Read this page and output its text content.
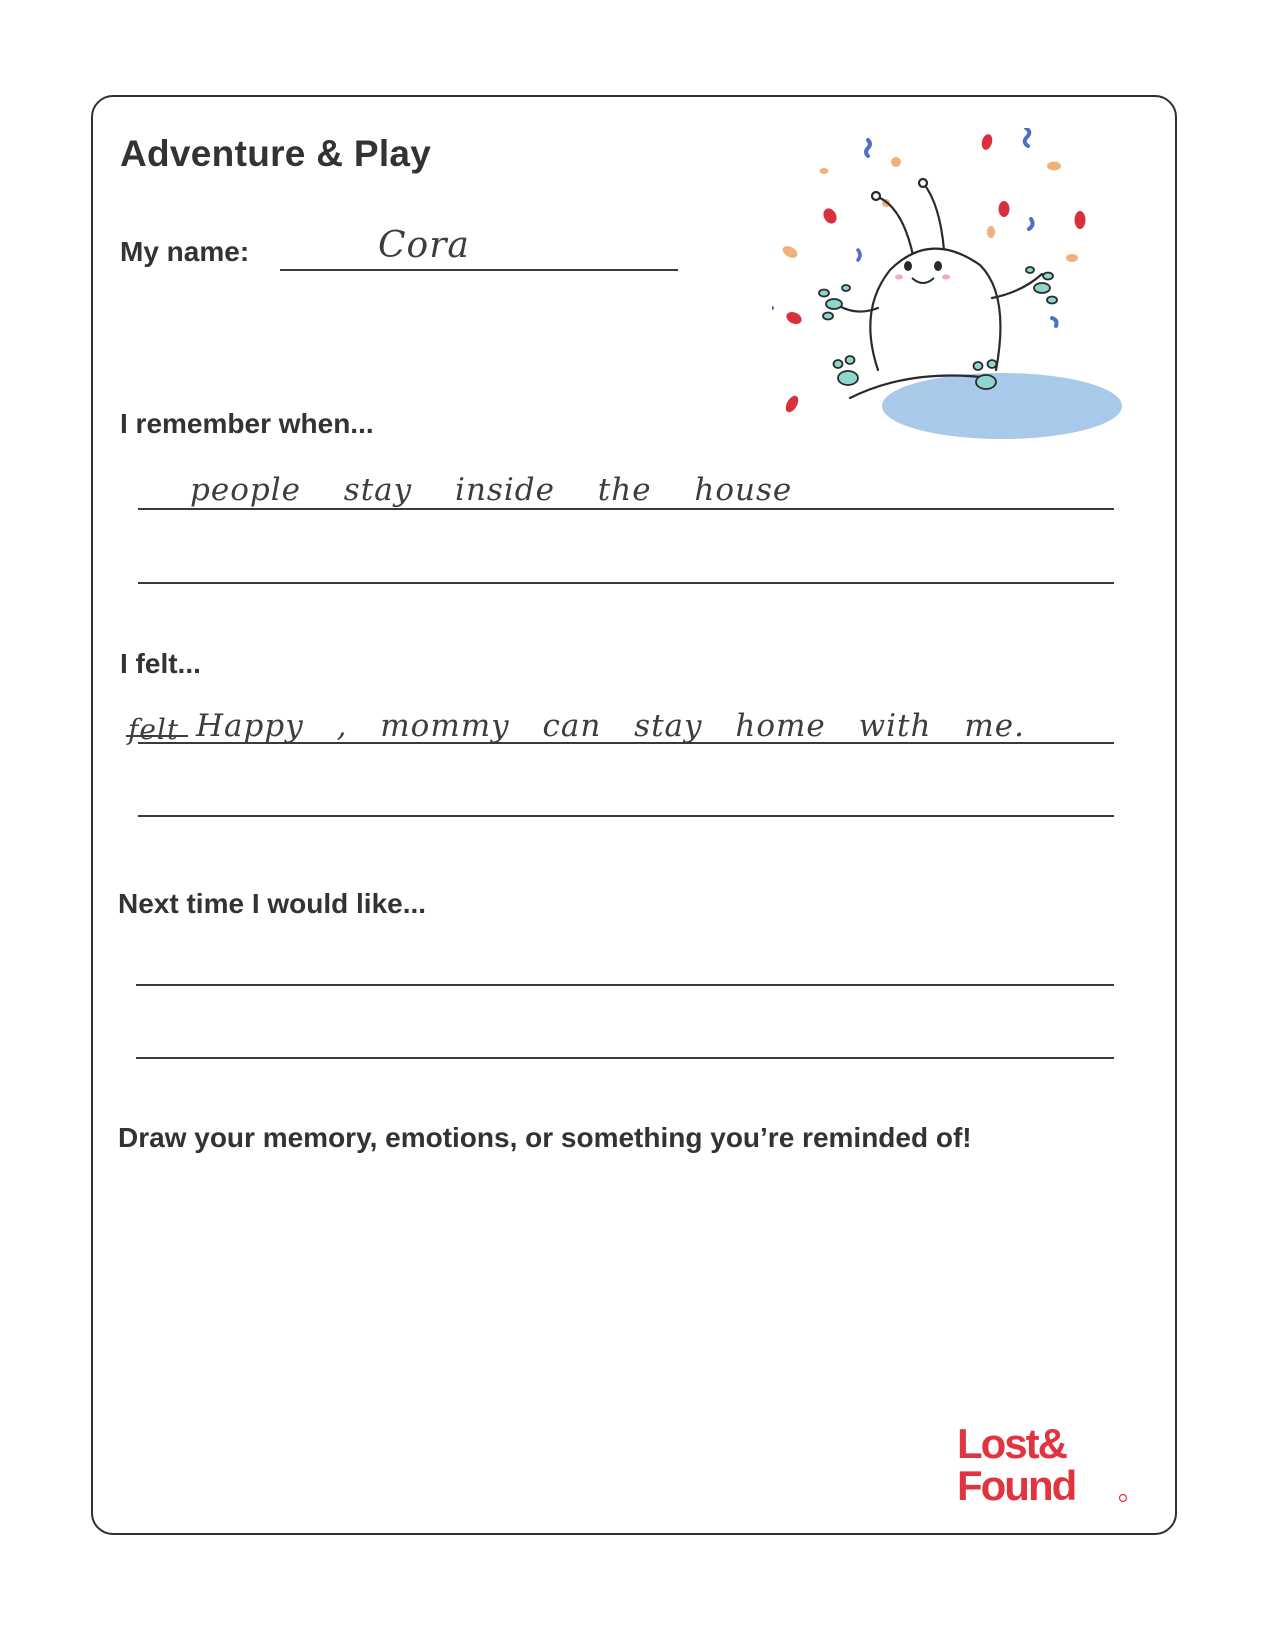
Adventure & Play

My name:	Cora

I remember when...

people stay inside the house

I felt...

felt Happy , mommy can stay home with me.

Next time I would like...

Draw your memory, emotions, or something you’re reminded of!

Lost&
Found
